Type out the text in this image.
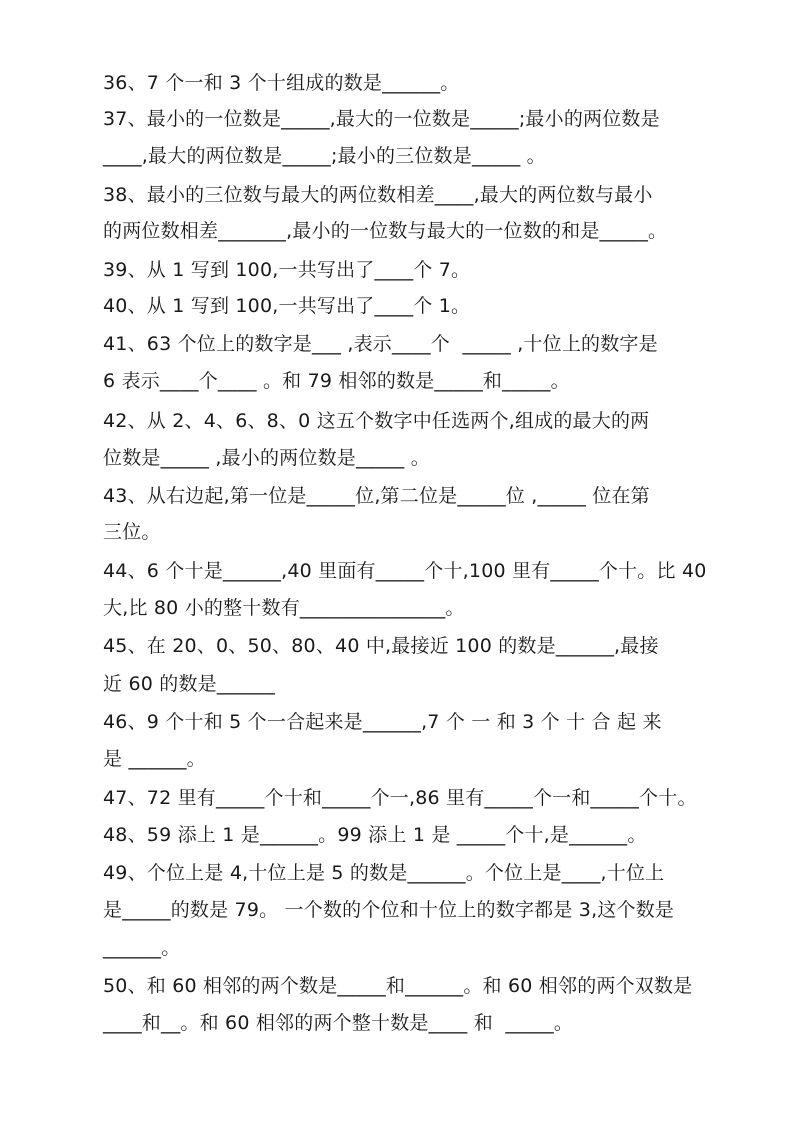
36、7 个一和 3 个十组成的数是______。
37、最小的一位数是_____,最大的一位数是_____;最小的两位数是
____,最大的两位数是_____;最小的三位数是_____ 。
38、最小的三位数与最大的两位数相差____,最大的两位数与最小
的两位数相差_______,最小的一位数与最大的一位数的和是_____。
39、从 1 写到 100,一共写出了____个 7。
40、从 1 写到 100,一共写出了____个 1。
41、63 个位上的数字是___ ,表示____个  _____ ,十位上的数字是
6 表示____个____ 。和 79 相邻的数是_____和_____。
42、从 2、4、6、8、0 这五个数字中任选两个,组成的最大的两
位数是_____ ,最小的两位数是_____ 。
43、从右边起,第一位是_____位,第二位是_____位 ,_____ 位在第
三位。
44、6 个十是______,40 里面有_____个十,100 里有_____个十。比 40
大,比 80 小的整十数有_______________。
45、在 20、0、50、80、40 中,最接近 100 的数是______,最接
近 60 的数是______
46、9 个十和 5 个一合起来是______,7 个 一 和 3 个 十 合 起 来
是 ______。
47、72 里有_____个十和_____个一,86 里有_____个一和_____个十。
48、59 添上 1 是______。99 添上 1 是 _____个十,是______。
49、个位上是 4,十位上是 5 的数是______。个位上是____,十位上
是_____的数是 79。 一个数的个位和十位上的数字都是 3,这个数是
______。
50、和 60 相邻的两个数是_____和______。和 60 相邻的两个双数是
____和__。和 60 相邻的两个整十数是____ 和  _____。
